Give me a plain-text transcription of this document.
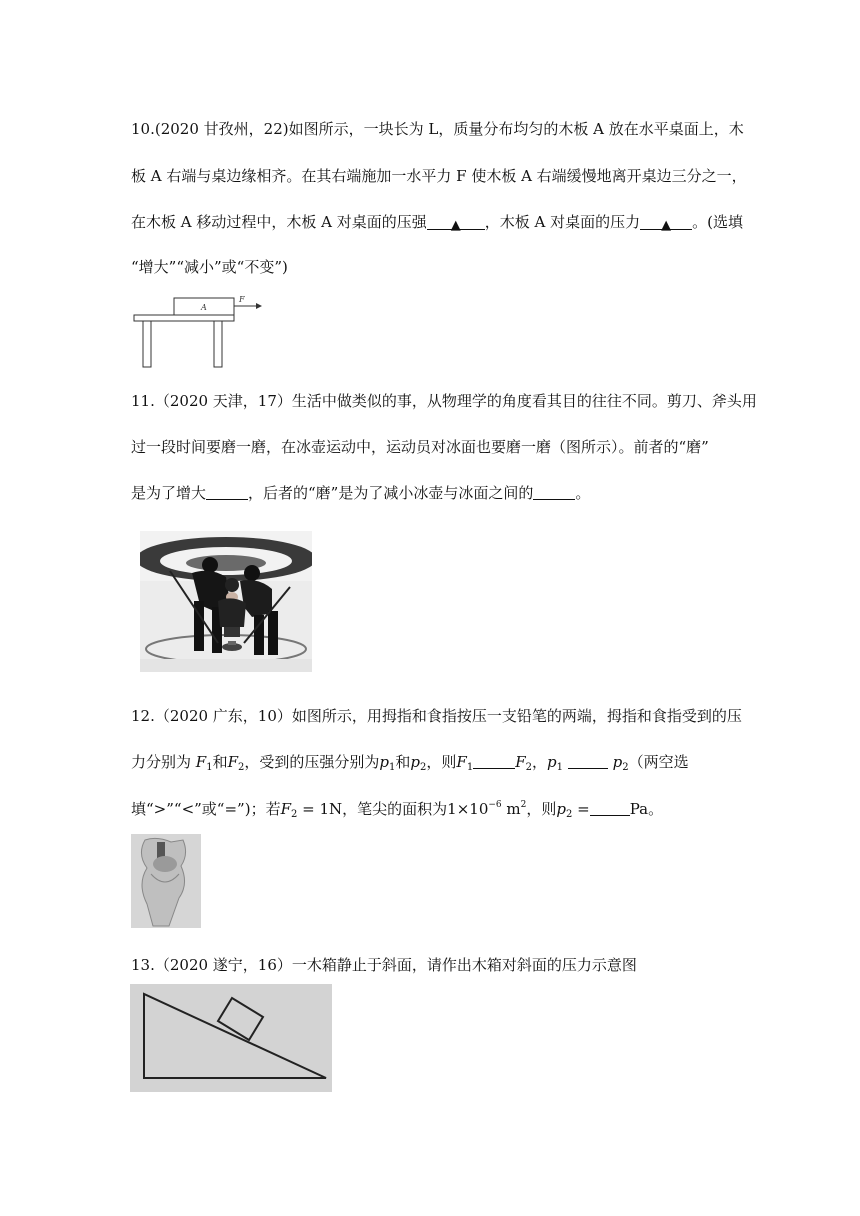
10.(2020 甘孜州，22)如图所示，一块长为 L，质量分布均匀的木板 A 放在水平桌面上，木
板 A 右端与桌边缘相齐。在其右端施加一水平力 F 使木板 A 右端缓慢地离开桌边三分之一，
在木板 A 移动过程中，木板 A 对桌面的压强 ▲ ，木板 A 对桌面的压力 ▲ 。(选填
“增大”“减小”或“不变”)
A
F
11.（2020 天津，17）生活中做类似的事，从物理学的角度看其目的往往不同。剪刀、斧头用
过一段时间要磨一磨，在冰壶运动中，运动员对冰面也要磨一磨（图所示）。前者的“磨”
是为了增大	，后者的“磨”是为了减小冰壶与冰面之间的	。
12.（2020 广东，10）如图所示，用拇指和食指按压一支铅笔的两端，拇指和食指受到的压
力分别为 $F_1$和$F_2$，受到的压强分别为$p_1$和$p_2$，则$F_1$	$F_2$，$p_1$	$p_2$（两空选
填“>”“<”或“=”)；若$F_2 = 1N$，笔尖的面积为$1\times 10^{-6}$ $m^2$，则$p_2$ =	Pa。
13.（2020 遂宁，16）一木箱静止于斜面，请作出木箱对斜面的压力示意图
